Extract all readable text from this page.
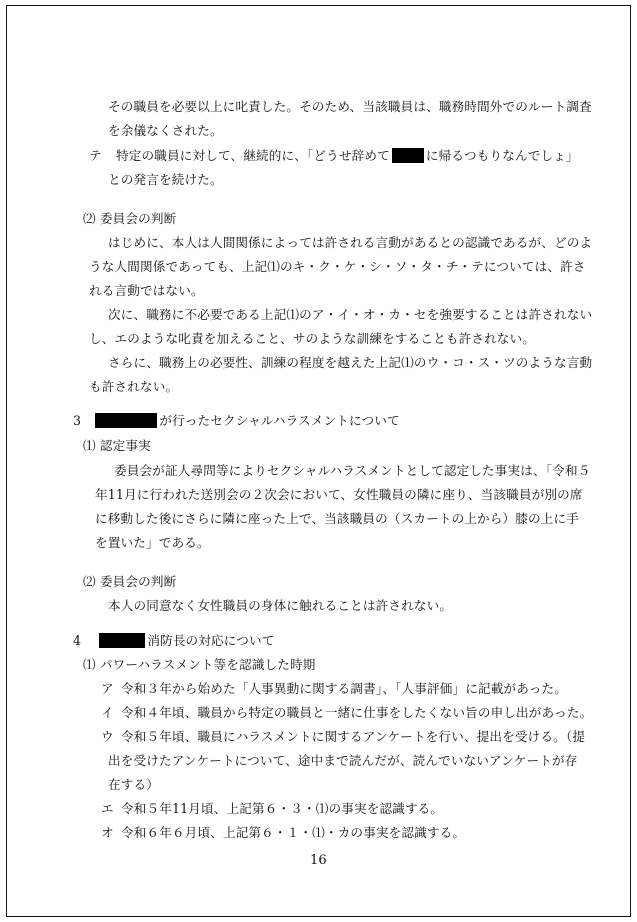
その職員を必要以上に叱責した。そのため、当該職員は、職務時間外でのルート調査
を余儀なくされた。
テ 特定の職員に対して、継続的に、「どうせ辞めて	に帰るつもりなんでしょ」
との発言を続けた。
⑵ 委員会の判断
はじめに、本人は人間関係によっては許される言動があるとの認識であるが、どのよ
うな人間関係であっても、上記⑴のキ・ク・ケ・シ・ソ・タ・チ・テについては、許さ
れる言動ではない。
次に、職務に不必要である上記⑴のア・イ・オ・カ・セを強要することは許されない
し、エのような叱責を加えること、サのような訓練をすることも許されない。
さらに、職務上の必要性、訓練の程度を越えた上記⑴のウ・コ・ス・ツのような言動
も許されない。
3	が行ったセクシャルハラスメントについて
⑴ 認定事実
委員会が証人尋問等によりセクシャルハラスメントとして認定した事実は、「令和５
年11月に行われた送別会の２次会において、女性職員の隣に座り、当該職員が別の席
に移動した後にさらに隣に座った上で、当該職員の（スカートの上から）膝の上に手
を置いた」である。
⑵ 委員会の判断
本人の同意なく女性職員の身体に触れることは許されない。
4	消防長の対応について
⑴ パワーハラスメント等を認識した時期
ア 令和３年から始めた「人事異動に関する調書」、「人事評価」に記載があった。
イ 令和４年頃、職員から特定の職員と一緒に仕事をしたくない旨の申し出があった。
ウ 令和５年頃、職員にハラスメントに関するアンケートを行い、提出を受ける。（提
出を受けたアンケートについて、途中まで読んだが、読んでいないアンケートが存
在する）
エ 令和５年11月頃、上記第６・３・⑴の事実を認識する。
オ 令和６年６月頃、上記第６・１・⑴・カの事実を認識する。
16
